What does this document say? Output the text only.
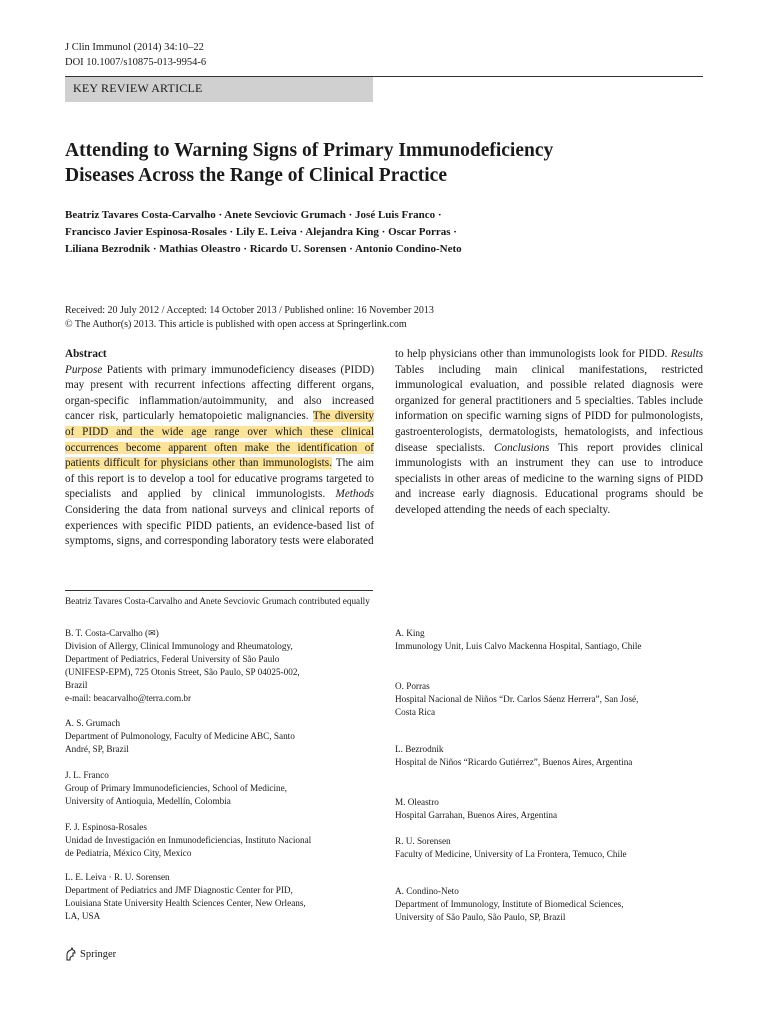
J Clin Immunol (2014) 34:10–22
DOI 10.1007/s10875-013-9954-6
KEY REVIEW ARTICLE
Attending to Warning Signs of Primary Immunodeficiency
Diseases Across the Range of Clinical Practice
Beatriz Tavares Costa-Carvalho · Anete Sevciovic Grumach · José Luis Franco ·
Francisco Javier Espinosa-Rosales · Lily E. Leiva · Alejandra King · Oscar Porras ·
Liliana Bezrodnik · Mathias Oleastro · Ricardo U. Sorensen · Antonio Condino-Neto
Received: 20 July 2012 / Accepted: 14 October 2013 / Published online: 16 November 2013
© The Author(s) 2013. This article is published with open access at Springerlink.com
Abstract
Purpose Patients with primary immunodeficiency diseases (PIDD) may present with recurrent infections affecting different organs, organ-specific inflammation/autoimmunity, and also increased cancer risk, particularly hematopoietic malignancies. The diversity of PIDD and the wide age range over which these clinical occurrences become apparent often make the identification of patients difficult for physicians other than immunologists. The aim of this report is to develop a tool for educative programs targeted to specialists and applied by clinical immunologists. Methods Considering the data from national surveys and clinical reports of experiences with specific PIDD patients, an evidence-based list of symptoms, signs, and corresponding laboratory tests were elaborated
to help physicians other than immunologists look for PIDD. Results Tables including main clinical manifestations, restricted immunological evaluation, and possible related diagnosis were organized for general practitioners and 5 specialties. Tables include information on specific warning signs of PIDD for pulmonologists, gastroenterologists, dermatologists, hematologists, and infectious disease specialists. Conclusions This report provides clinical immunologists with an instrument they can use to introduce specialists in other areas of medicine to the warning signs of PIDD and increase early diagnosis. Educational programs should be developed attending the needs of each specialty.
Beatriz Tavares Costa-Carvalho and Anete Sevciovic Grumach contributed equally

B. T. Costa-Carvalho (✉)

Division of Allergy, Clinical Immunology and Rheumatology,

Department of Pediatrics, Federal University of São Paulo

(UNIFESP-EPM), 725 Otonis Street, São Paulo, SP 04025-002,

Brazil

e-mail: beacarvalho@terra.com.br

A. S. Grumach

Department of Pulmonology, Faculty of Medicine ABC, Santo

André, SP, Brazil

J. L. Franco

Group of Primary Immunodeficiencies, School of Medicine,

University of Antioquia, Medellín, Colombia

F. J. Espinosa-Rosales

Unidad de Investigación en Inmunodeficiencias, Instituto Nacional

de Pediatría, México City, Mexico

L. E. Leiva · R. U. Sorensen

Department of Pediatrics and JMF Diagnostic Center for PID,

Louisiana State University Health Sciences Center, New Orleans,

LA, USA

A. King

Immunology Unit, Luis Calvo Mackenna Hospital, Santiago, Chile

O. Porras

Hospital Nacional de Niños “Dr. Carlos Sáenz Herrera”, San José,

Costa Rica

L. Bezrodnik

Hospital de Niños “Ricardo Gutiérrez”, Buenos Aires, Argentina

M. Oleastro

Hospital Garrahan, Buenos Aires, Argentina

R. U. Sorensen

Faculty of Medicine, University of La Frontera, Temuco, Chile

A. Condino-Neto

Department of Immunology, Institute of Biomedical Sciences,

University of São Paulo, São Paulo, SP, Brazil

Springer
